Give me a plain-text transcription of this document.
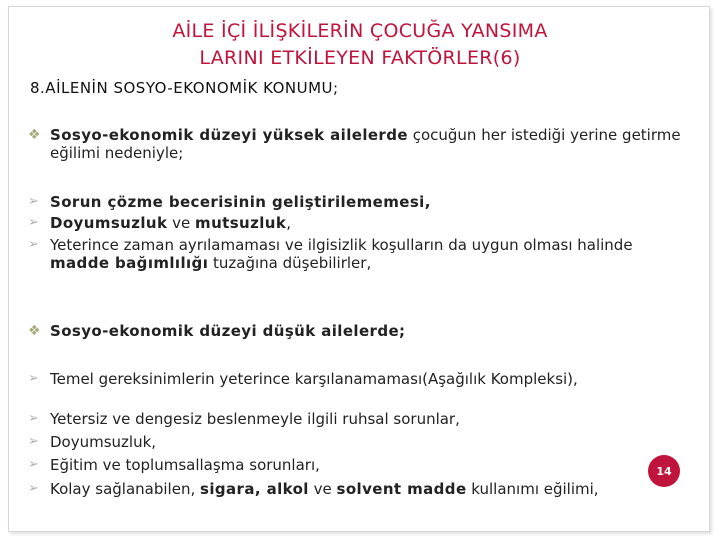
AİLE İÇİ İLİŞKİLERİN ÇOCUĞA YANSIMA
LARINI ETKİLEYEN FAKTÖRLER(6)
8.AİLENİN SOSYO-EKONOMİK KONUMU;
❖ Sosyo-ekonomik düzeyi yüksek ailelerde çocuğun her istediği yerine getirme eğilimi nedeniyle;
➢ Sorun çözme becerisinin geliştirilememesi,
➢ Doyumsuzluk ve mutsuzluk,
➢ Yeterince zaman ayrılamaması ve ilgisizlik koşulların da uygun olması halinde madde bağımlılığı tuzağına düşebilirler,
❖ Sosyo-ekonomik düzeyi düşük ailelerde;
➢ Temel gereksinimlerin yeterince karşılanamaması(Aşağılık Kompleksi),
➢ Yetersiz ve dengesiz beslenmeyle ilgili ruhsal sorunlar,
➢ Doyumsuzluk,
➢ Eğitim ve toplumsallaşma sorunları,
➢ Kolay sağlanabilen, sigara, alkol ve solvent madde kullanımı eğilimi,
14
